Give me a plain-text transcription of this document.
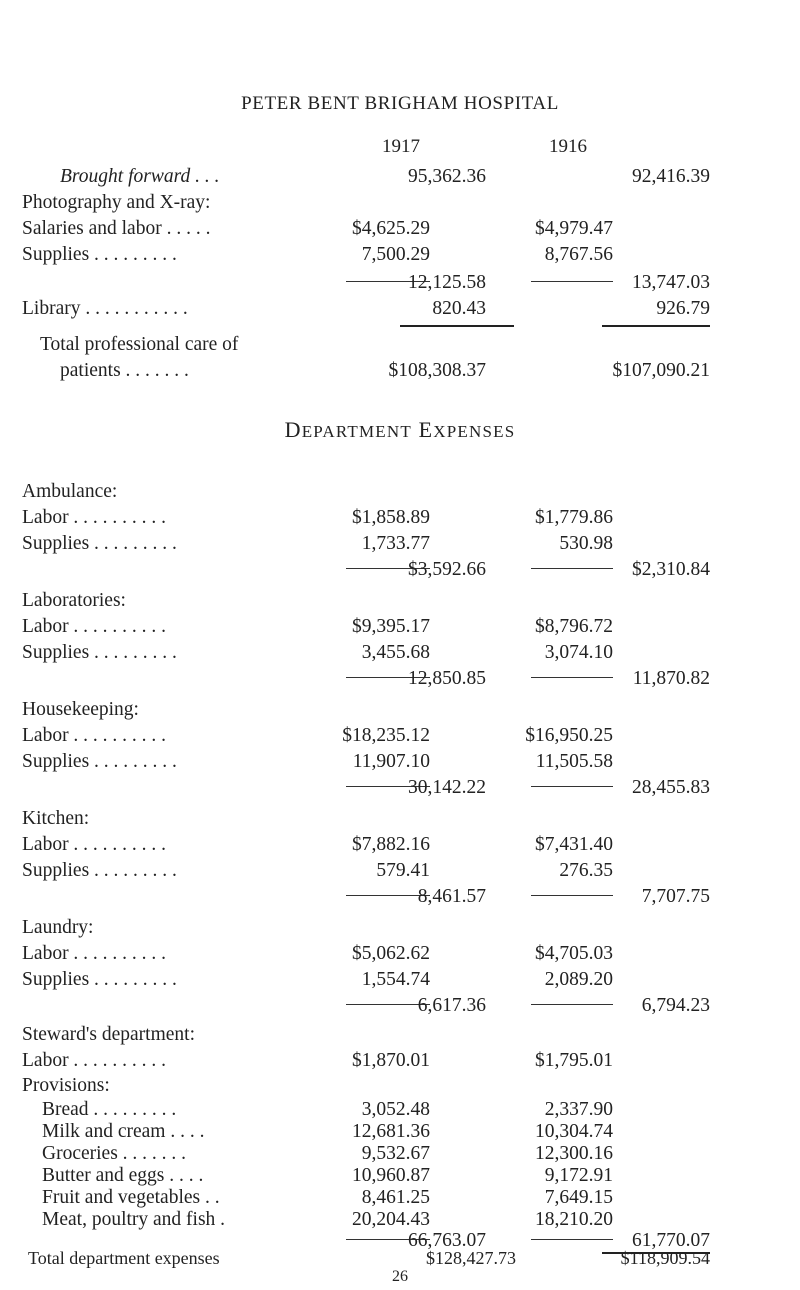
PETER BENT BRIGHAM HOSPITAL
1917	1916
Brought forward . . .	95,362.36	92,416.39
Photography and X-ray:
Salaries and labor . . . . .	$4,625.29	$4,979.47
Supplies . . . . . . . . .	7,500.29	8,767.56
12,125.58	13,747.03
Library . . . . . . . . . . .	820.43	926.79
Total professional care of
patients . . . . . . .	$108,308.37	$107,090.21
DEPARTMENT EXPENSES
Ambulance:
Labor . . . . . . . . . .	$1,858.89	$1,779.86
Supplies . . . . . . . . .	1,733.77	530.98
$3,592.66	$2,310.84
Laboratories:
Labor . . . . . . . . . .	$9,395.17	$8,796.72
Supplies . . . . . . . . .	3,455.68	3,074.10
12,850.85	11,870.82
Housekeeping:
Labor . . . . . . . . . .	$18,235.12	$16,950.25
Supplies . . . . . . . . .	11,907.10	11,505.58
30,142.22	28,455.83
Kitchen:
Labor . . . . . . . . . .	$7,882.16	$7,431.40
Supplies . . . . . . . . .	579.41	276.35
8,461.57	7,707.75
Laundry:
Labor . . . . . . . . . .	$5,062.62	$4,705.03
Supplies . . . . . . . . .	1,554.74	2,089.20
6,617.36	6,794.23
Steward's department:
Labor . . . . . . . . . .	$1,870.01	$1,795.01
Provisions:
Bread . . . . . . . . .	3,052.48	2,337.90
Milk and cream . . . .	12,681.36	10,304.74
Groceries . . . . . . .	9,532.67	12,300.16
Butter and eggs . . . .	10,960.87	9,172.91
Fruit and vegetables . .	8,461.25	7,649.15
Meat, poultry and fish .	20,204.43	18,210.20
66,763.07	61,770.07
Total department expenses	$128,427.73	$118,909.54
26
